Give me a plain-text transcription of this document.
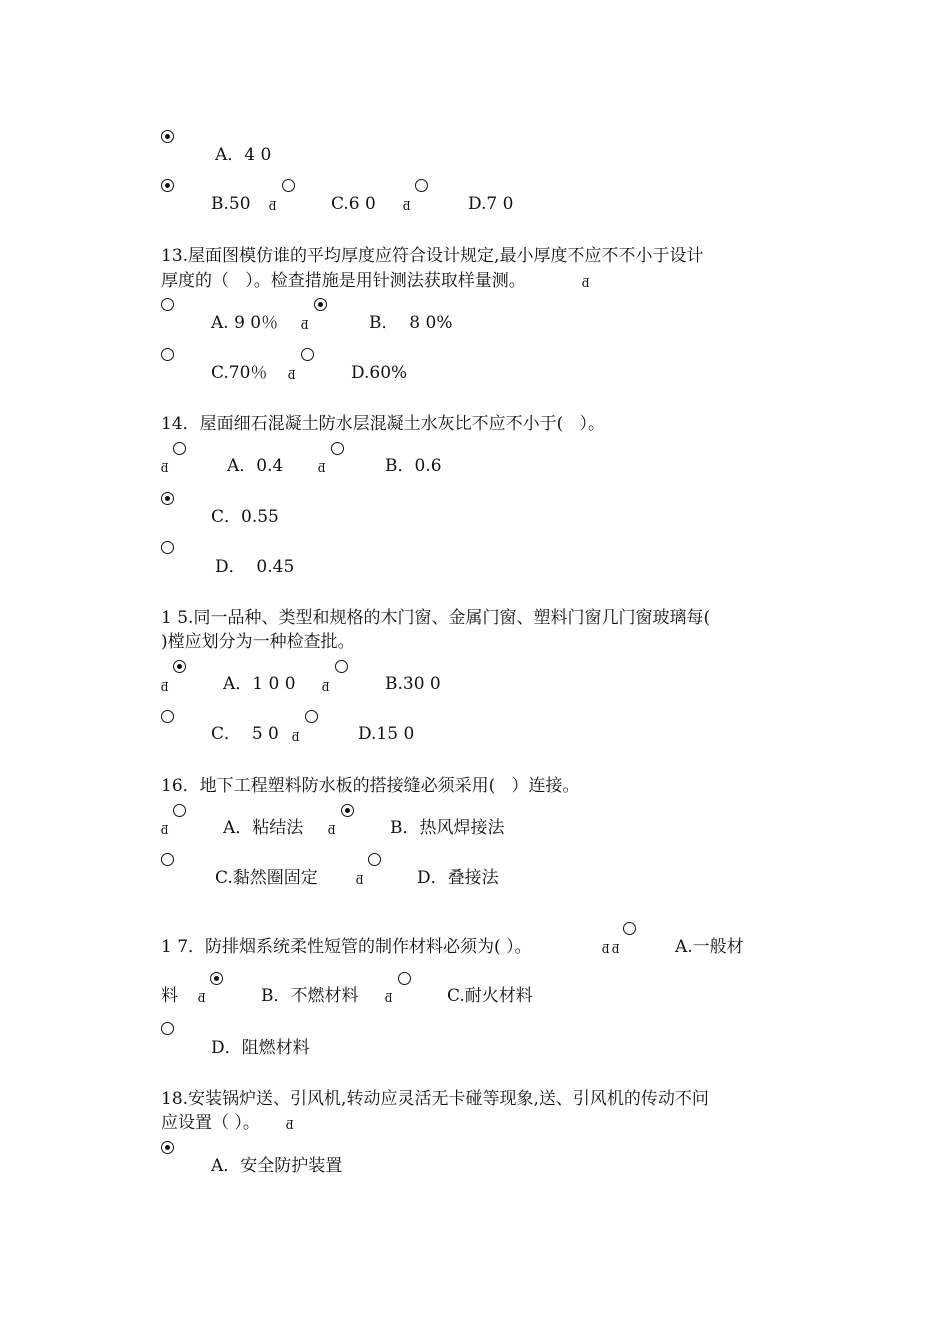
A．4 0
B.50 ƌ	C.6 0 ƌ	D.7 0
13.屋面图模仿谁的平均厚度应符合设计规定,最小厚度不应不不小于设计
厚度的（   ）。检查措施是用针测法获取样量测。	ƌ
A. 9 0％ ƌ	B．  8 0%
C.70％ ƌ	D.60%
14．屋面细石混凝土防水层混凝土水灰比不应不小于(   ）。
ƌ	A．0.4	ƌ	B．0.6
C．0.55
D．  0.45
1 5.同一品种、类型和规格的木门窗、金属门窗、塑料门窗几门窗玻璃每(
)樘应划分为一种检查批。
ƌ	A．1 0 0 ƌ	B.30 0
C．  5 0 ƌ	D.15 0
16．地下工程塑料防水板的搭接缝必须采用(   ）连接。
ƌ	A．粘结法 ƌ	B．热风焊接法
C.黏然圈固定	ƌ	D．叠接法
1 7．防排烟系统柔性短管的制作材料必须为( ）。	ƌ ƌ	A.一般材
料 ƌ	B．不燃材料 ƌ	C.耐火材料
D．阻燃材料
18.安装锅炉送、引风机,转动应灵活无卡碰等现象,送、引风机的传动不问
应设置（ ）。 ƌ
A．安全防护装置
